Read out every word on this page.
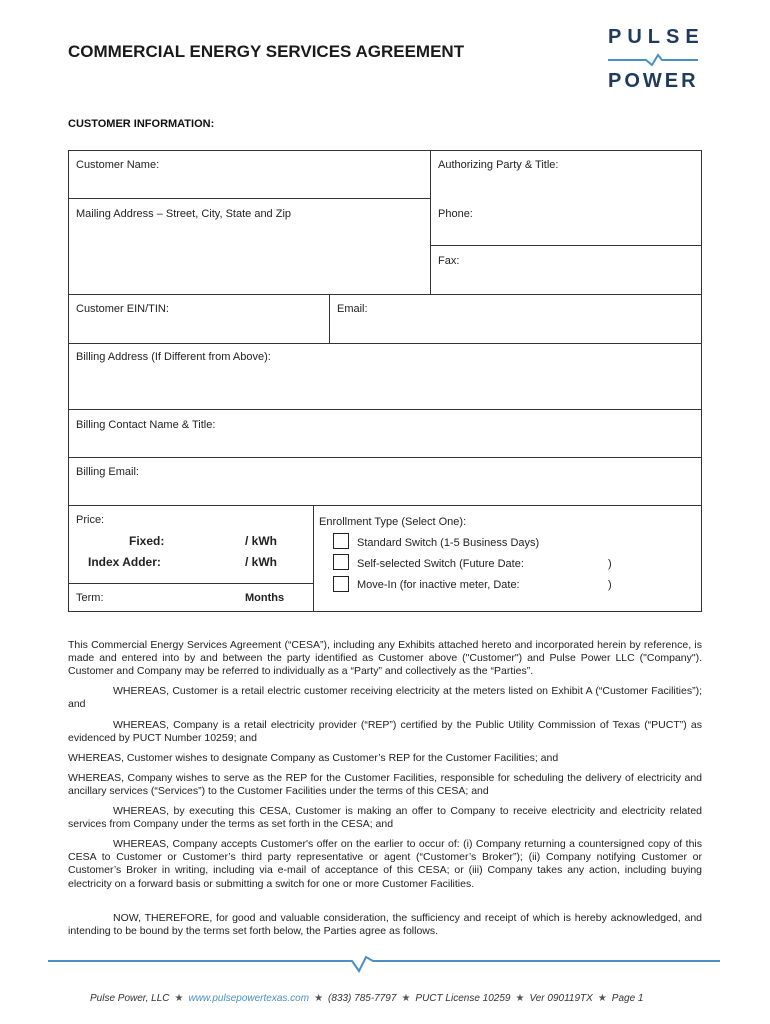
COMMERCIAL ENERGY SERVICES AGREEMENT
PULSE
POWER
CUSTOMER INFORMATION:
Customer Name:	Authorizing Party & Title:
Mailing Address – Street, City, State and Zip	Phone:
Fax:
Customer EIN/TIN:	Email:
Billing Address (If Different from Above):
Billing Contact Name & Title:
Billing Email:
Price:
Fixed:	/ kWh
Index Adder:	/ kWh
Term:	Months
Enrollment Type (Select One):
Standard Switch (1-5 Business Days)
Self-selected Switch (Future Date:	)
Move-In (for inactive meter, Date:	)
This Commercial Energy Services Agreement (“CESA”), including any Exhibits attached hereto and incorporated herein by reference, is made and entered into by and between the party identified as Customer above ("Customer") and Pulse Power LLC ("Company"). Customer and Company may be referred to individually as a “Party” and collectively as the “Parties”.
WHEREAS, Customer is a retail electric customer receiving electricity at the meters listed on Exhibit A (“Customer Facilities”); and
WHEREAS, Company is a retail electricity provider (“REP”) certified by the Public Utility Commission of Texas (“PUCT”) as evidenced by PUCT Number 10259; and
WHEREAS, Customer wishes to designate Company as Customer’s REP for the Customer Facilities; and
WHEREAS, Company wishes to serve as the REP for the Customer Facilities, responsible for scheduling the delivery of electricity and ancillary services (“Services”) to the Customer Facilities under the terms of this CESA; and
WHEREAS, by executing this CESA, Customer is making an offer to Company to receive electricity and electricity related services from Company under the terms as set forth in the CESA; and
WHEREAS, Company accepts Customer's offer on the earlier to occur of: (i) Company returning a countersigned copy of this CESA to Customer or Customer’s third party representative or agent (“Customer’s Broker”); (ii) Company notifying Customer or Customer’s Broker in writing, including via e-mail of acceptance of this CESA; or (iii) Company takes any action, including buying electricity on a forward basis or submitting a switch for one or more Customer Facilities.
NOW, THEREFORE, for good and valuable consideration, the sufficiency and receipt of which is hereby acknowledged, and intending to be bound by the terms set forth below, the Parties agree as follows.
Pulse Power, LLC ★ www.pulsepowertexas.com ★ (833) 785-7797 ★ PUCT License 10259 ★ Ver 090119TX ★ Page 1
